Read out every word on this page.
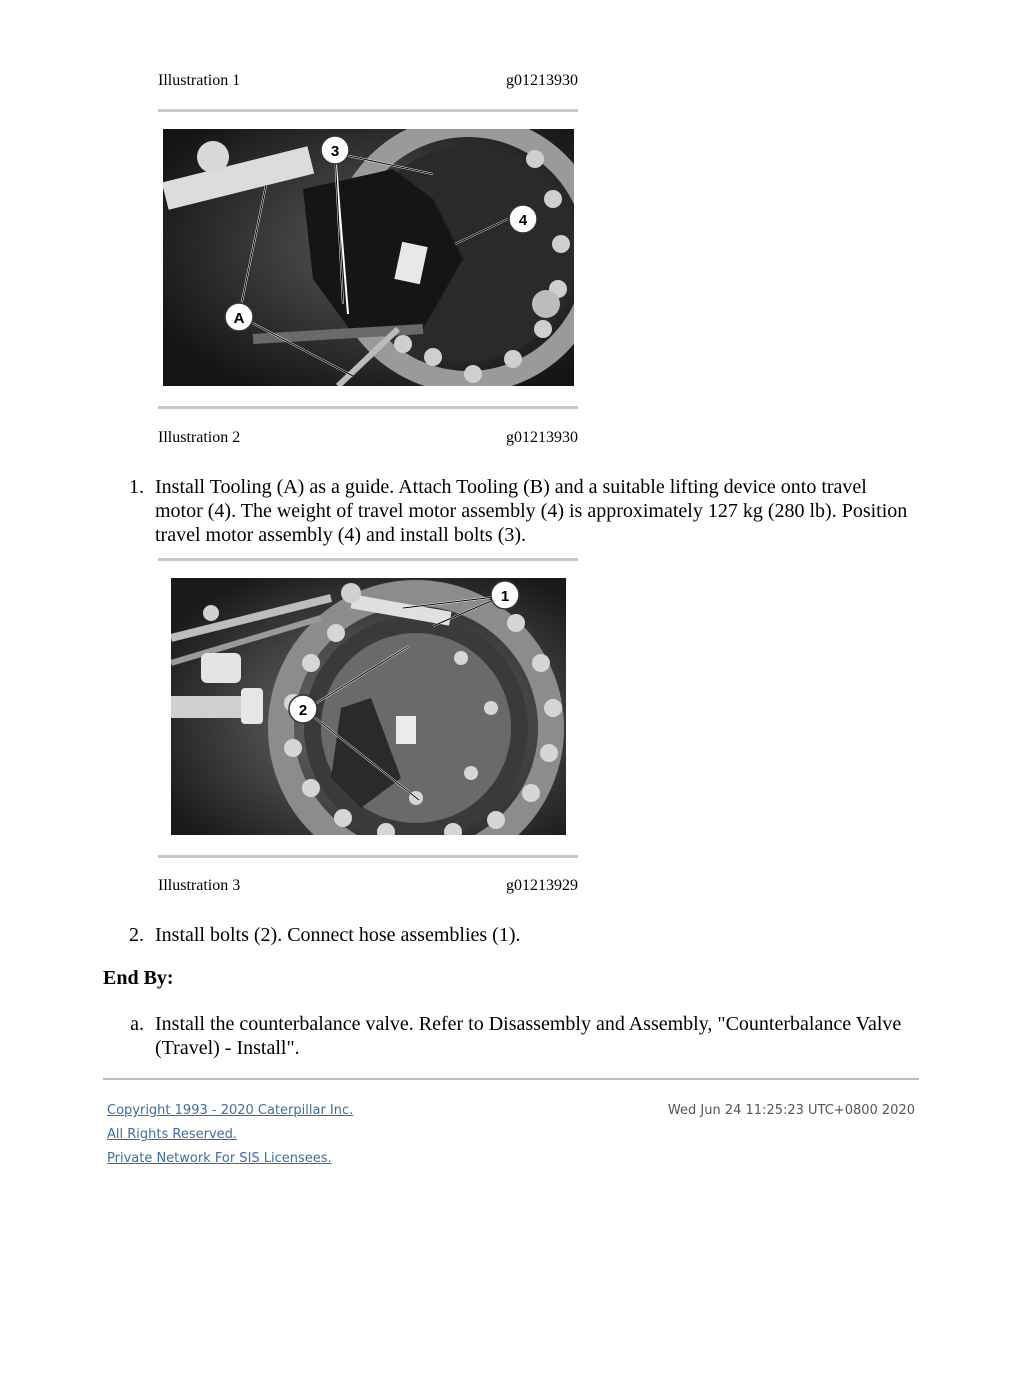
Illustration 1	g01213930
3
4
A
Illustration 2	g01213930
1. Install Tooling (A) as a guide. Attach Tooling (B) and a suitable lifting device onto travel motor (4). The weight of travel motor assembly (4) is approximately 127 kg (280 lb). Position travel motor assembly (4) and install bolts (3).
1
2
Illustration 3	g01213929
2. Install bolts (2). Connect hose assemblies (1).
End By:
a. Install the counterbalance valve. Refer to Disassembly and Assembly, "Counterbalance Valve (Travel) - Install".
Copyright 1993 - 2020 Caterpillar Inc.	Wed Jun 24 11:25:23 UTC+0800 2020
All Rights Reserved.
Private Network For SIS Licensees.
